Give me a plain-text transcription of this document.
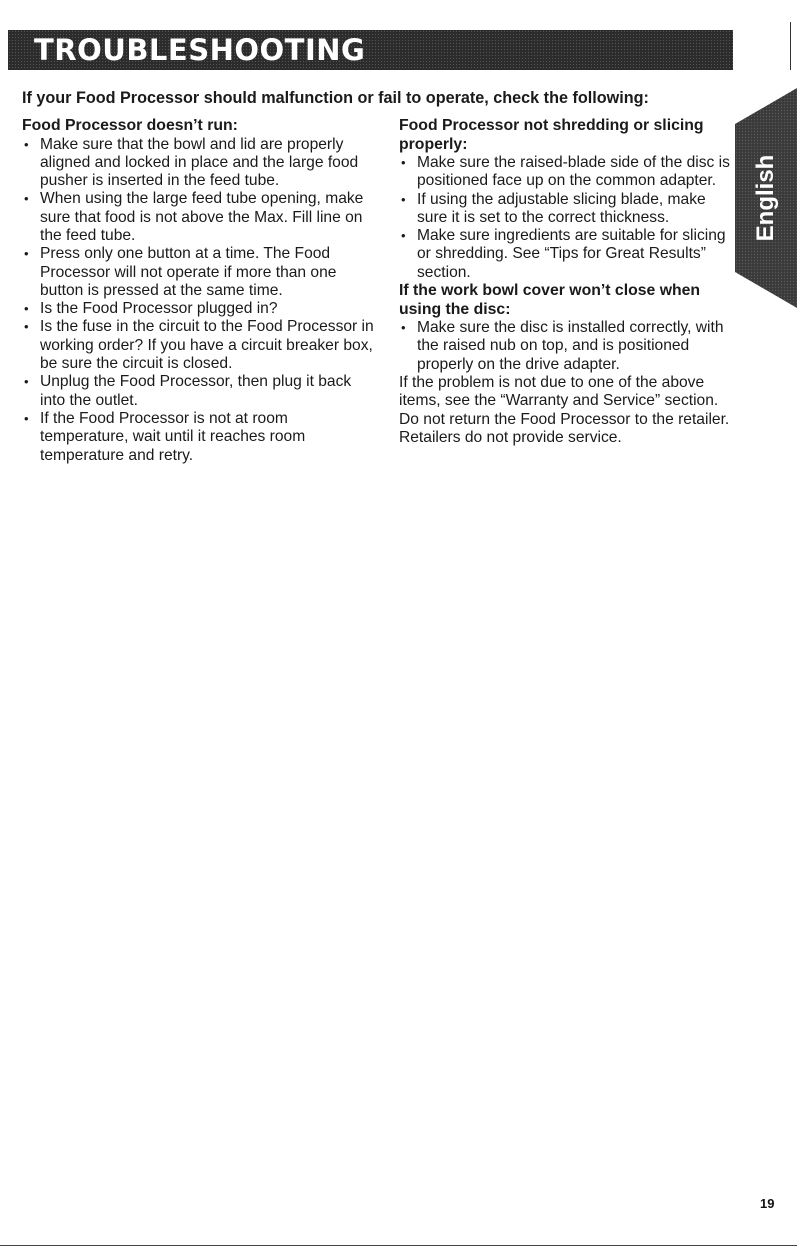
TROUBLESHOOTING
If your Food Processor should malfunction or fail to operate, check the following:

Food Processor doesn’t run:

• Make sure that the bowl and lid are properly aligned and locked in place and the large food pusher is inserted in the feed tube.
• When using the large feed tube opening, make sure that food is not above the Max. Fill line on the feed tube.
• Press only one button at a time. The Food Processor will not operate if more than one button is pressed at the same time.
• Is the Food Processor plugged in?
• Is the fuse in the circuit to the Food Processor in working order? If you have a circuit breaker box, be sure the circuit is closed.
• Unplug the Food Processor, then plug it back into the outlet.
• If the Food Processor is not at room temperature, wait until it reaches room temperature and retry.

Food Processor not shredding or slicing properly:

• Make sure the raised-blade side of the disc is positioned face up on the common adapter.
• If using the adjustable slicing blade, make sure it is set to the correct thickness.
• Make sure ingredients are suitable for slicing or shredding. See “Tips for Great Results” section.

If the work bowl cover won’t close when using the disc:

• Make sure the disc is installed correctly, with the raised nub on top, and is positioned properly on the drive adapter.

If the problem is not due to one of the above items, see the “Warranty and Service” section.

Do not return the Food Processor to the retailer. Retailers do not provide service.

English
19
